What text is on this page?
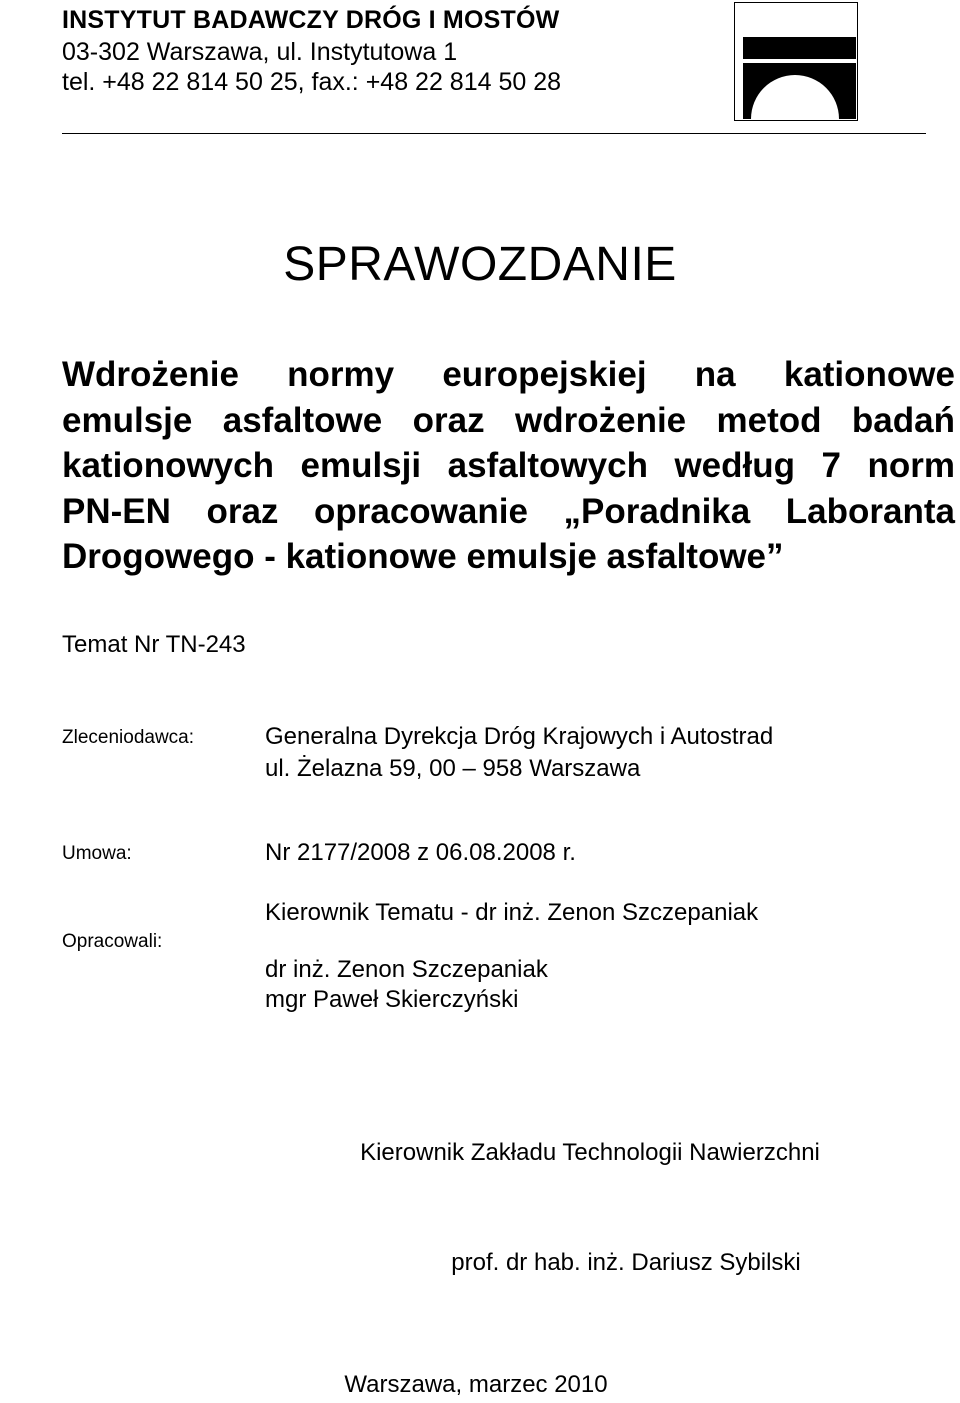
INSTYTUT BADAWCZY DRÓG I MOSTÓW
03-302 Warszawa, ul. Instytutowa 1
tel. +48 22 814 50 25, fax.: +48 22 814 50 28
SPRAWOZDANIE
Wdrożenie normy europejskiej na kationowe
emulsje asfaltowe oraz wdrożenie metod badań
kationowych emulsji asfaltowych według 7 norm
PN-EN oraz opracowanie „Poradnika Laboranta
Drogowego - kationowe emulsje asfaltowe”
Temat Nr TN-243
Zleceniodawca:	Generalna Dyrekcja Dróg Krajowych i Autostrad
ul. Żelazna 59, 00 – 958 Warszawa
Umowa:	Nr 2177/2008 z 06.08.2008 r.
Opracowali:
Kierownik Tematu - dr inż. Zenon Szczepaniak
dr inż. Zenon Szczepaniak
mgr Paweł Skierczyński
Kierownik Zakładu Technologii Nawierzchni
prof. dr hab. inż. Dariusz Sybilski
Warszawa, marzec 2010
